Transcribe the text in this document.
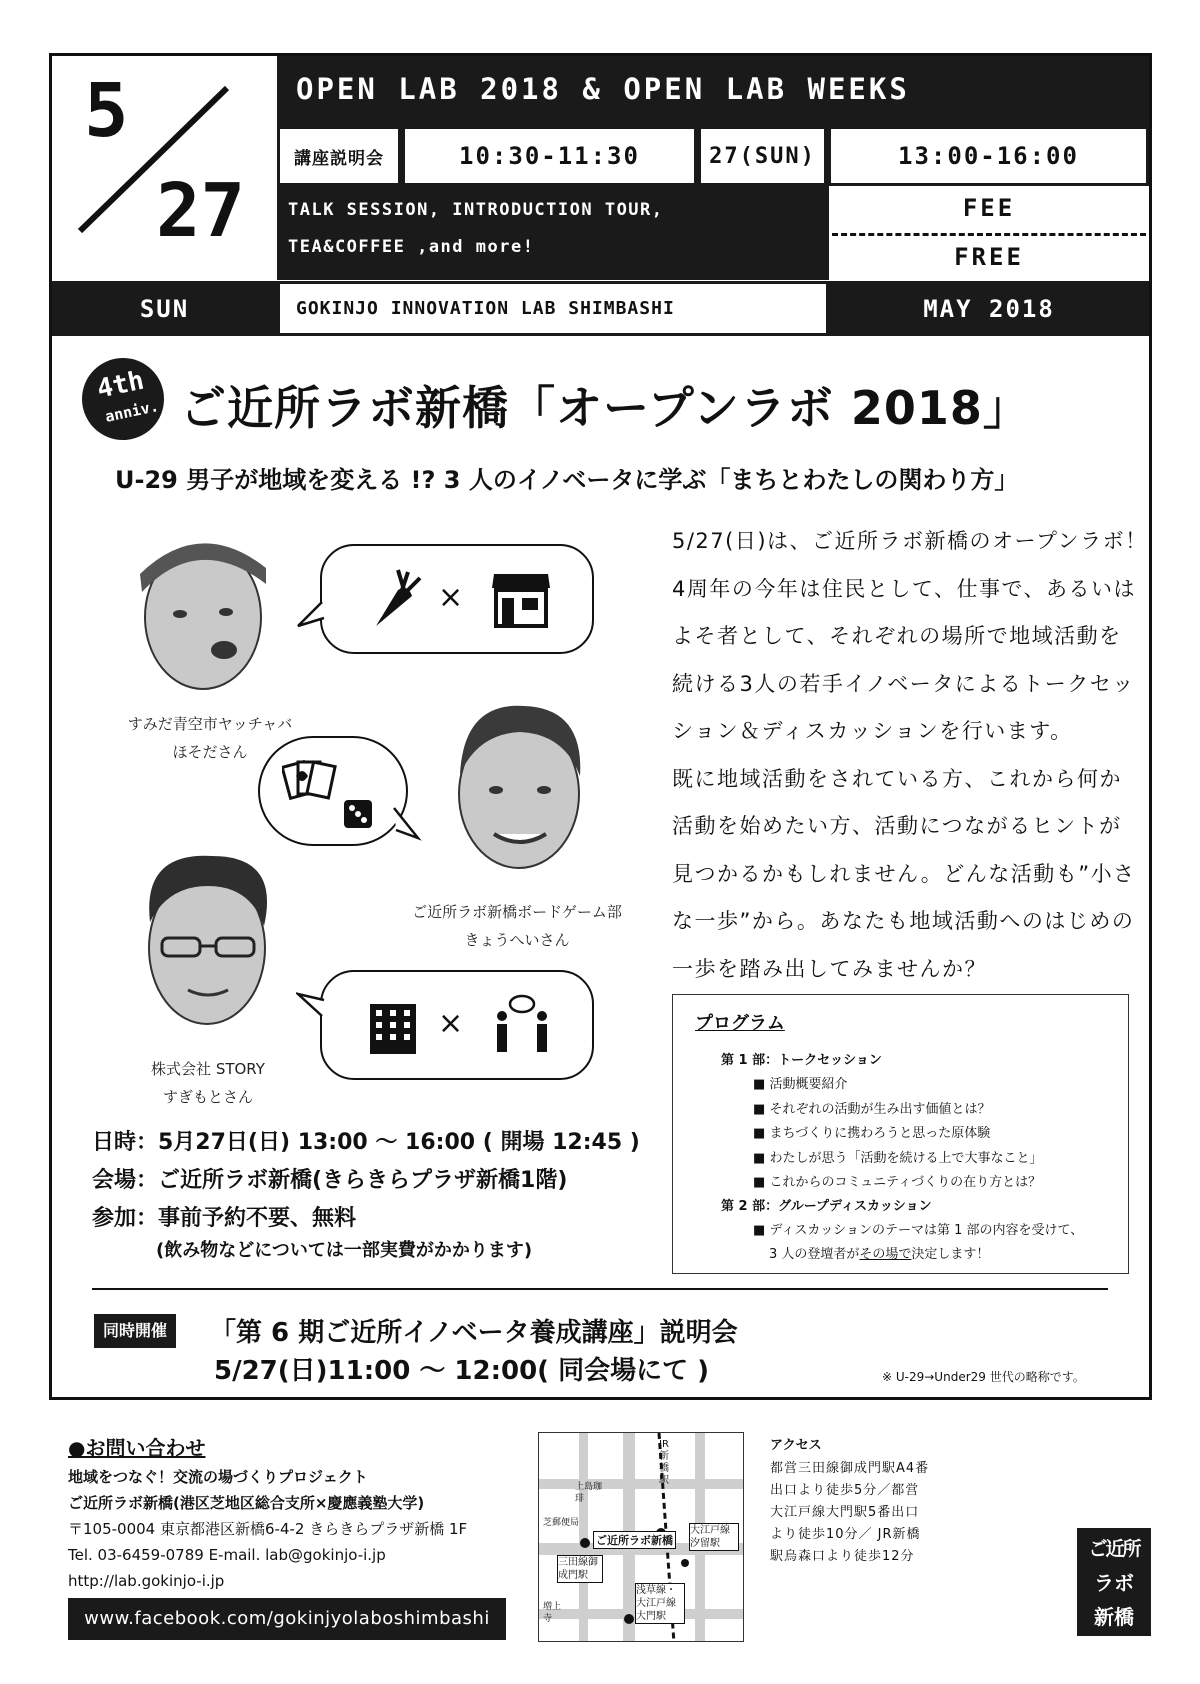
5
27
OPEN LAB 2018 & OPEN LAB WEEKS
講座説明会	10:30-11:30	27(SUN)	13:00-16:00
TALK SESSION, INTRODUCTION TOUR,
TEA&COFFEE ,and more!
FEE
FREE
SUN	GOKINJO INNOVATION LAB SHIMBASHI	MAY 2018
4th
anniv. ご近所ラボ新橋「オープンラボ 2018」
U-29 男子が地域を変える !? 3 人のイノベータに学ぶ「まちとわたしの関わり方」
×
すみだ青空市ヤッチャバ
ほそださん
ご近所ラボ新橋ボードゲーム部
きょうへいさん
×
株式会社 STORY
すぎもとさん
5/27(日)は、ご近所ラボ新橋のオープンラボ！
4周年の今年は住民として、仕事で、あるいは
よそ者として、それぞれの場所で地域活動を
続ける3人の若手イノベータによるトークセッ
ション＆ディスカッションを行います。
既に地域活動をされている方、これから何か
活動を始めたい方、活動につながるヒントが
見つかるかもしれません。どんな活動も”小さ
な一歩”から。あなたも地域活動へのはじめの
一歩を踏み出してみませんか？
プログラム
第 1 部：トークセッション
■ 活動概要紹介
■ それぞれの活動が生み出す価値とは？
■ まちづくりに携わろうと思った原体験
■ わたしが思う「活動を続ける上で大事なこと」
■ これからのコミュニティづくりの在り方とは？
第 2 部：グループディスカッション
■ ディスカッションのテーマは第 1 部の内容を受けて、
3 人の登壇者がその場で決定します！
日時：5月27日(日) 13:00 ～ 16:00 ( 開場 12:45 )
会場：ご近所ラボ新橋(きらきらプラザ新橋1階)
参加：事前予約不要、無料
(飲み物などについては一部実費がかかります)
同時開催	「第 6 期ご近所イノベータ養成講座」説明会
5/27(日)11:00 ～ 12:00( 同会場にて )	※ U-29→Under29 世代の略称です。
●お問い合わせ
地域をつなぐ！交流の場づくりプロジェクト
ご近所ラボ新橋(港区芝地区総合支所×慶應義塾大学)
〒105-0004 東京都港区新橋6-4-2 きらきらプラザ新橋 1F
Tel. 03-6459-0789 E-mail. lab@gokinjo-i.jp
http://lab.gokinjo-i.jp
www.facebook.com/gokinjyolaboshimbashi
JR新橋駅
上島珈琲
芝郵便局
ご近所ラボ新橋
三田線御成門駅
大江戸線汐留駅
浅草線・大江戸線大門駅
増上寺
アクセス
都営三田線御成門駅A4番
出口より徒歩5分／都営
大江戸線大門駅5番出口
より徒歩10分／ JR新橋
駅烏森口より徒歩12分	ご近所
ラボ
新橋
